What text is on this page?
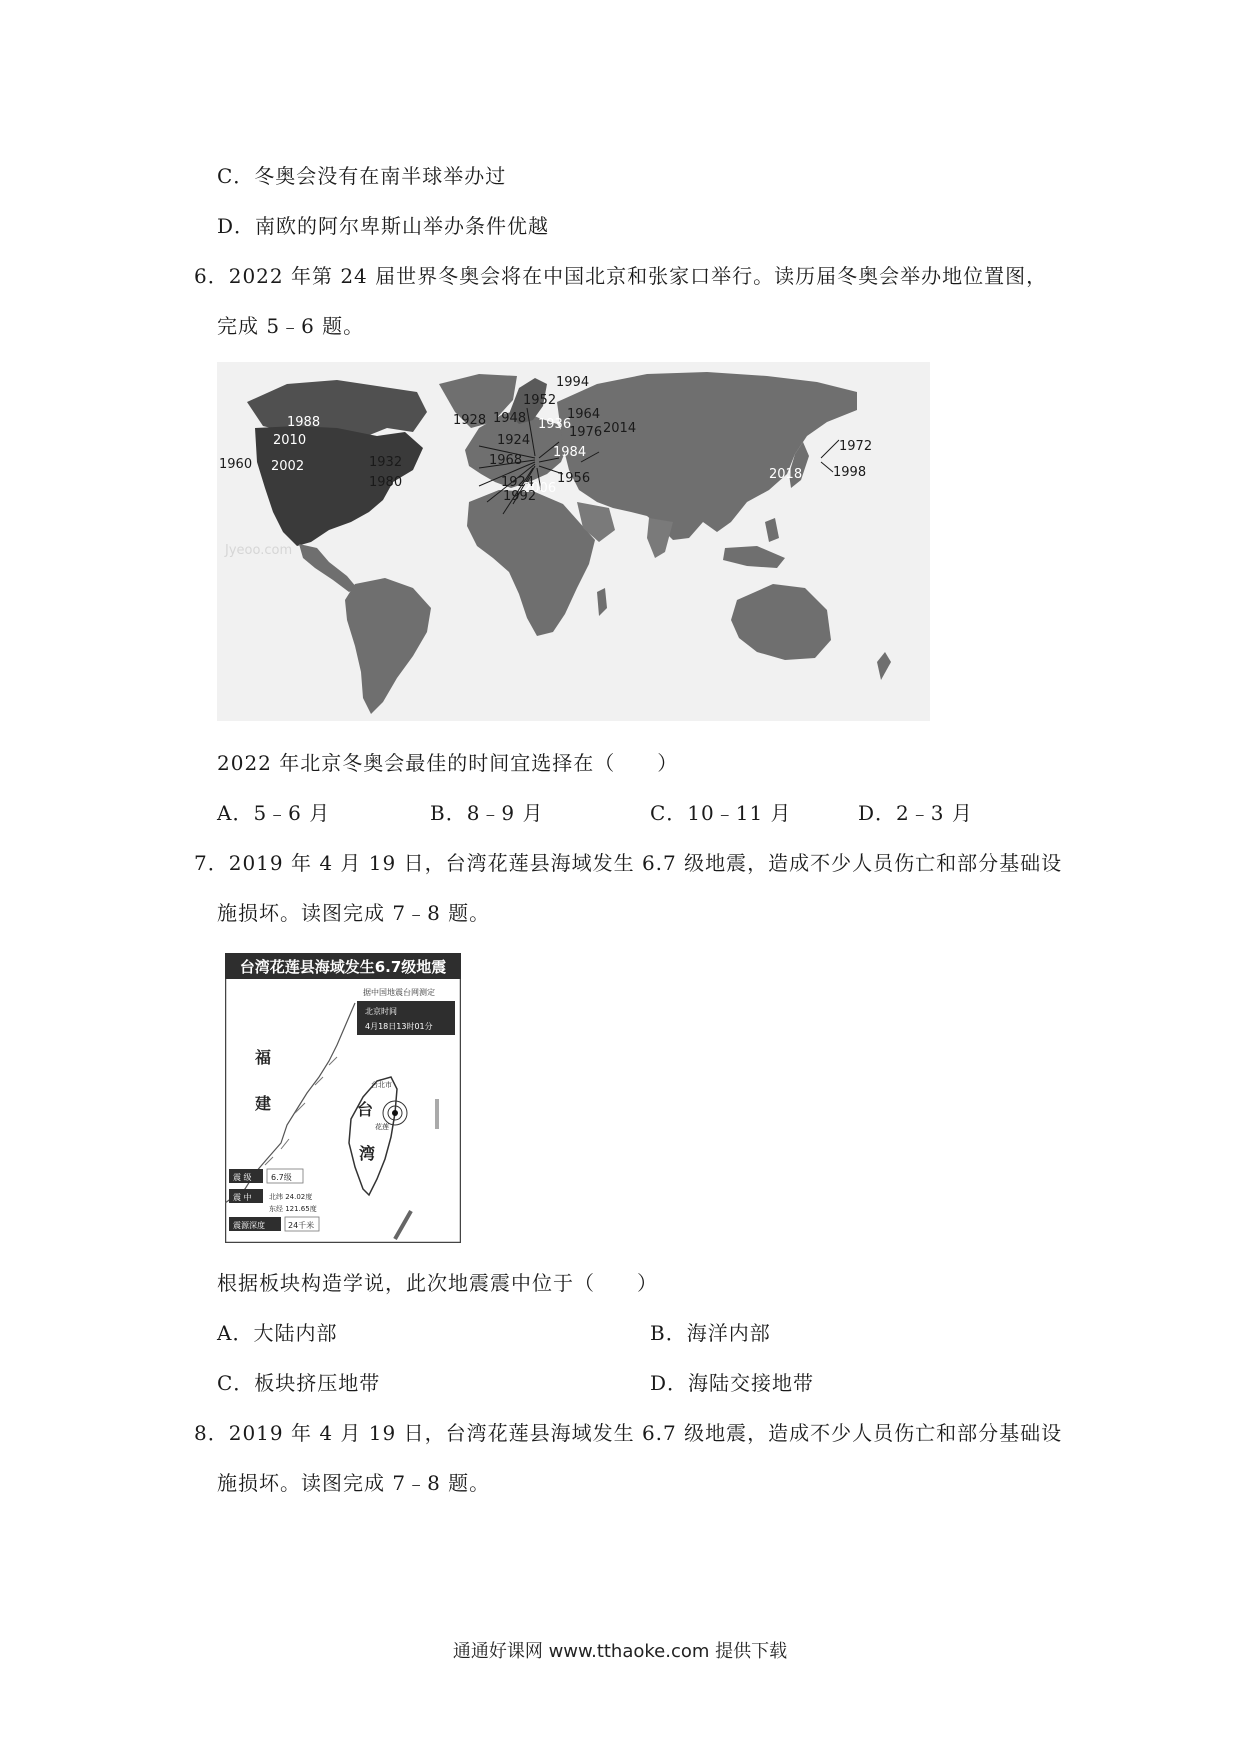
C．冬奥会没有在南半球举办过
D．南欧的阿尔卑斯山举办条件优越
6．2022 年第 24 届世界冬奥会将在中国北京和张家口举行。读历届冬奥会举办地位置图，
完成 5﹣6 题。
Jyeoo.com
1994
1952
1928 1948 1936
1964
1976 2014
1924
1984
1968
1924 1956
2006
1992
1988
2010
1960 2002	1932
1980
1972
1998
2018
2022 年北京冬奥会最佳的时间宜选择在（　　）
A．5﹣6 月	B．8﹣9 月	C．10﹣11 月	D．2﹣3 月
7．2019 年 4 月 19 日，台湾花莲县海域发生 6.7 级地震，造成不少人员伤亡和部分基础设
施损坏。读图完成 7﹣8 题。
台湾花莲县海域发生6.7级地震
据中国地震台网测定
北京时间
4月18日13时01分
福
建
台北市
台
湾
花莲
震 级 6.7级
震 中 北纬 24.02度
东经 121.65度
震源深度	24千米
根据板块构造学说，此次地震震中位于（　　）
A．大陆内部	B．海洋内部
C．板块挤压地带	D．海陆交接地带
8．2019 年 4 月 19 日，台湾花莲县海域发生 6.7 级地震，造成不少人员伤亡和部分基础设
施损坏。读图完成 7﹣8 题。
通通好课网 www.tthaoke.com 提供下载
